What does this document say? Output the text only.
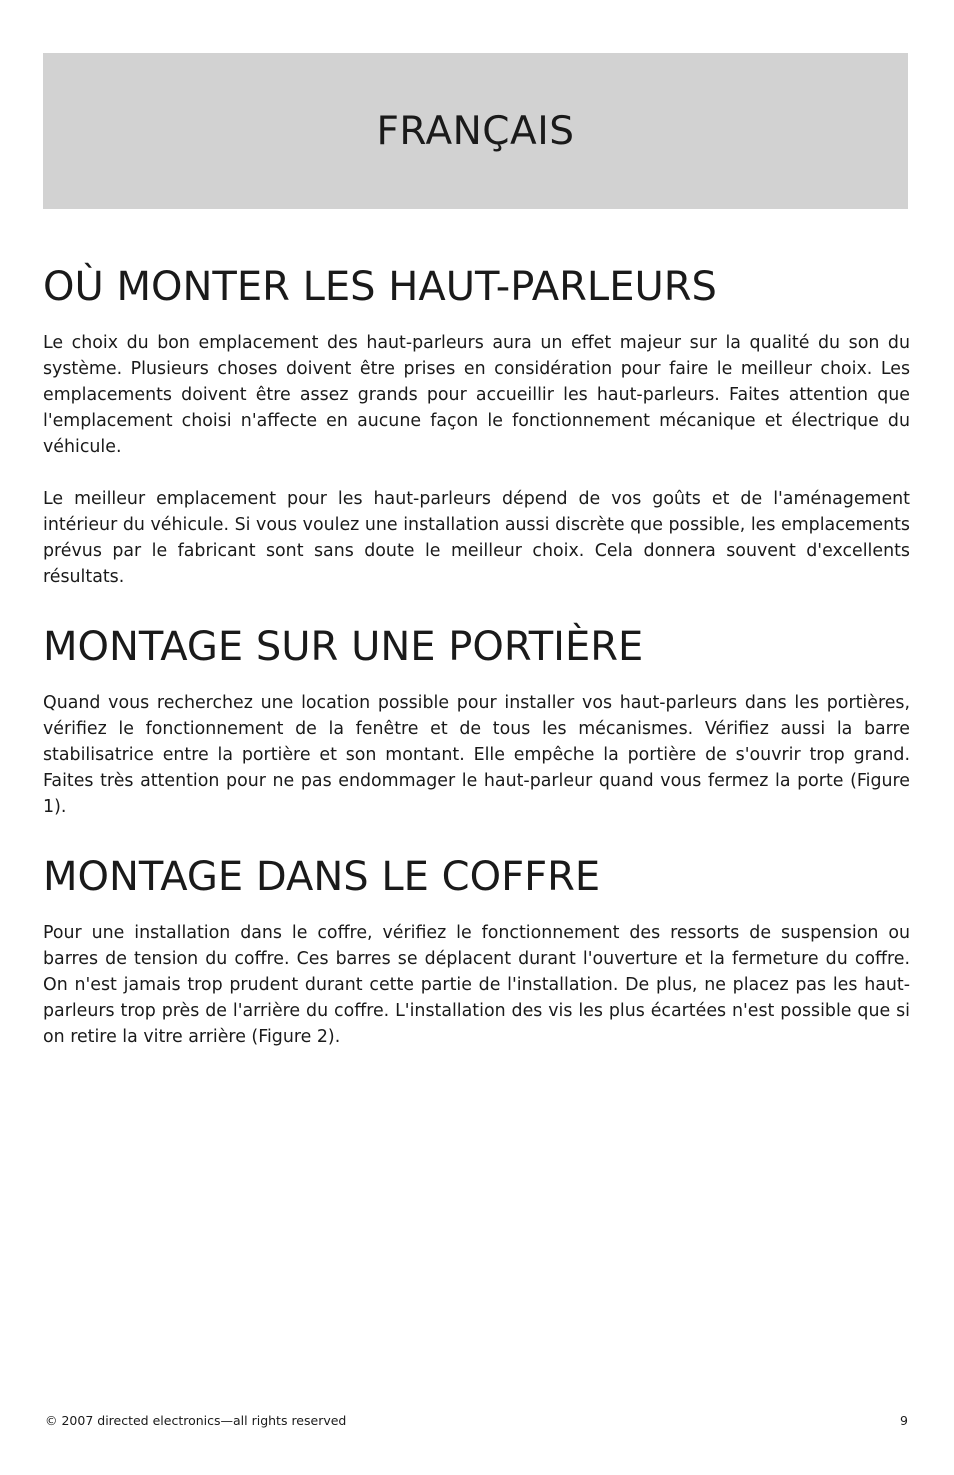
FRANÇAIS
OÙ MONTER LES HAUT-PARLEURS

Le choix du bon emplacement des haut-parleurs aura un effet majeur sur la qualité du son du système. Plusieurs choses doivent être prises en considération pour faire le meilleur choix. Les emplacements doivent être assez grands pour accueillir les haut-parleurs. Faites attention que l'emplacement choisi n'affecte en aucune façon le fonctionnement mécanique et électrique du véhicule.

Le meilleur emplacement pour les haut-parleurs dépend de vos goûts et de l'aménagement intérieur du véhicule. Si vous voulez une installation aussi discrète que possible, les emplacements prévus par le fabricant sont sans doute le meilleur choix. Cela donnera souvent d'excellents résultats.

MONTAGE SUR UNE PORTIÈRE

Quand vous recherchez une location possible pour installer vos haut-parleurs dans les portières, vérifiez le fonctionnement de la fenêtre et de tous les mécanismes. Vérifiez aussi la barre stabilisatrice entre la portière et son montant. Elle empêche la portière de s'ouvrir trop grand. Faites très attention pour ne pas endommager le haut-parleur quand vous fermez la porte (Figure 1).

MONTAGE DANS LE COFFRE

Pour une installation dans le coffre, vérifiez le fonctionnement des ressorts de suspension ou barres de tension du coffre. Ces barres se déplacent durant l'ouverture et la fermeture du coffre. On n'est jamais trop prudent durant cette partie de l'installation. De plus, ne placez pas les haut-parleurs trop près de l'arrière du coffre. L'installation des vis les plus écartées n'est possible que si on retire la vitre arrière (Figure 2).

© 2007 directed electronics—all rights reserved	9
